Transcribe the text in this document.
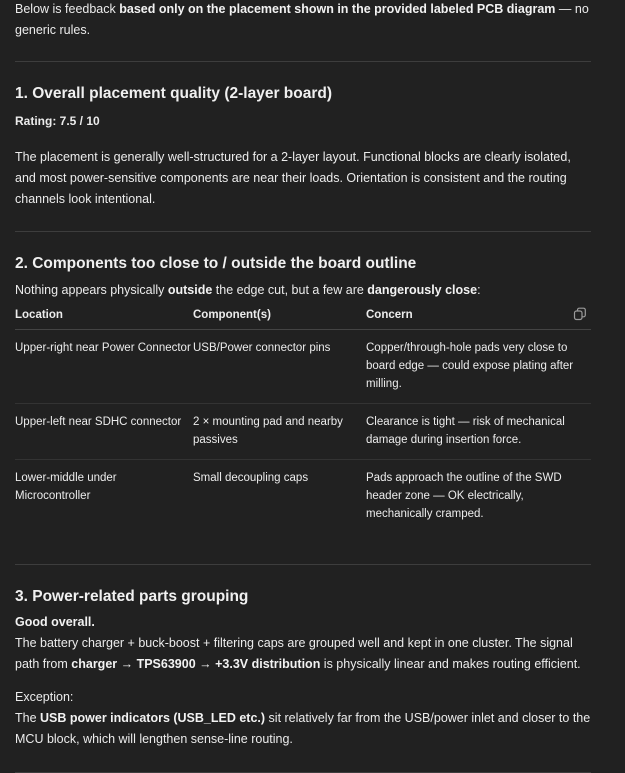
Below is feedback based only on the placement shown in the provided labeled PCB diagram — no generic rules.

1. Overall placement quality (2-layer board)
Rating: 7.5 / 10

The placement is generally well-structured for a 2-layer layout. Functional blocks are clearly isolated, and most power-sensitive components are near their loads. Orientation is consistent and the routing channels look intentional.

2. Components too close to / outside the board outline

Nothing appears physically outside the edge cut, but a few are dangerously close:

Location	Component(s)	Concern

Upper-right near Power Connector	USB/Power connector pins	Copper/through-hole pads very close to board edge — could expose plating after milling.
Upper-left near SDHC connector	2 × mounting pad and nearby passives	Clearance is tight — risk of mechanical damage during insertion force.
Lower-middle under Microcontroller	Small decoupling caps	Pads approach the outline of the SWD header zone — OK electrically, mechanically cramped.
3. Power-related parts grouping

Good overall.

The battery charger + buck-boost + filtering caps are grouped well and kept in one cluster. The signal path from charger → TPS63900 → +3.3V distribution is physically linear and makes routing efficient.

Exception:

The USB power indicators (USB_LED etc.) sit relatively far from the USB/power inlet and closer to the MCU block, which will lengthen sense-line routing.
